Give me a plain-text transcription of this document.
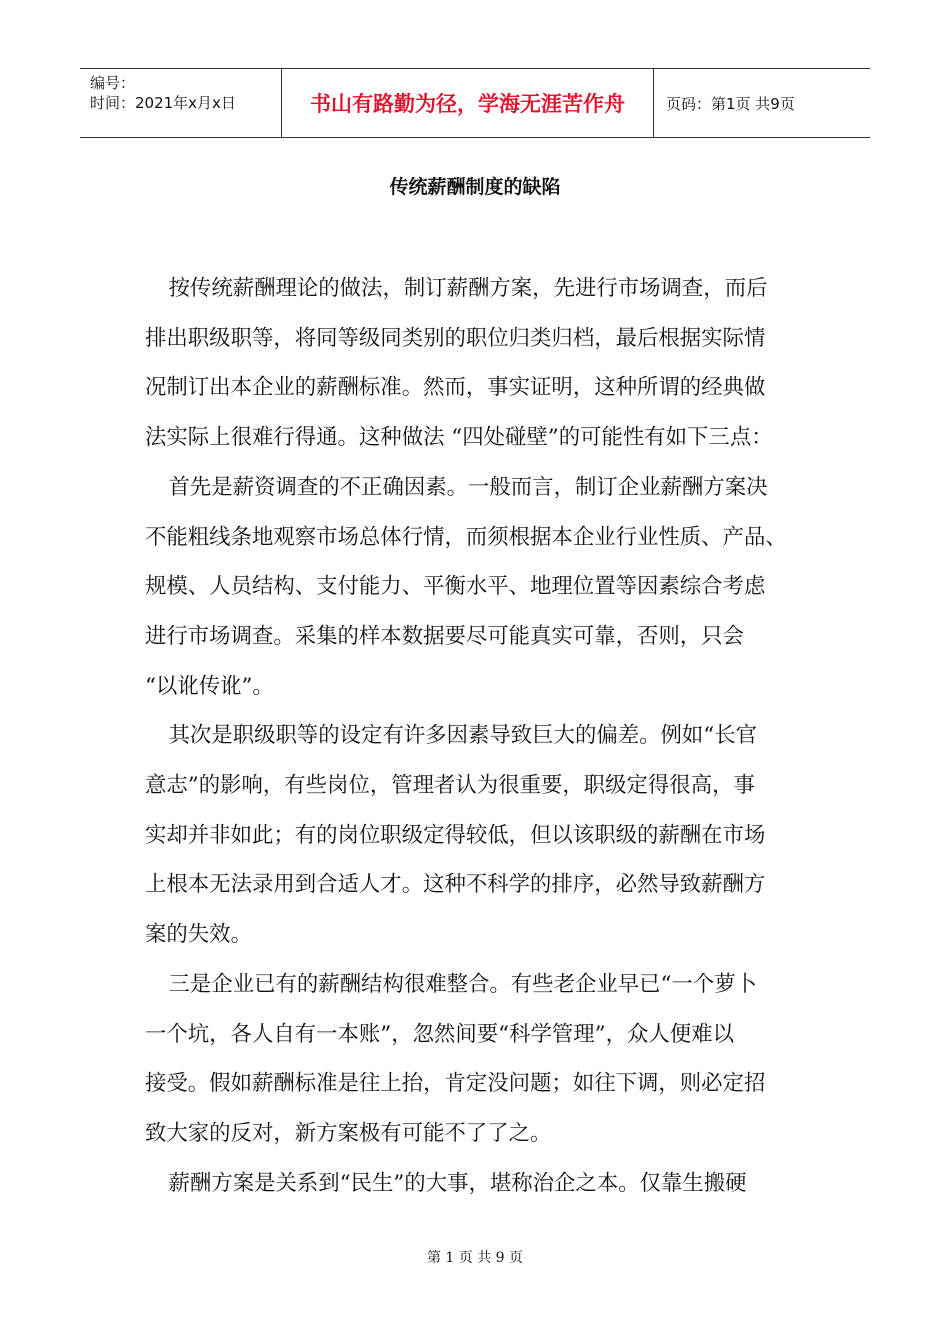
编号：
时间：2021年x月x日	书山有路勤为径，学海无涯苦作舟	页码：第1页 共9页
传统薪酬制度的缺陷

按传统薪酬理论的做法，制订薪酬方案，先进行市场调查，而后
排出职级职等，将同等级同类别的职位归类归档，最后根据实际情
况制订出本企业的薪酬标准。然而，事实证明，这种所谓的经典做
法实际上很难行得通。这种做法 “四处碰壁”的可能性有如下三点：

首先是薪资调查的不正确因素。一般而言，制订企业薪酬方案决
不能粗线条地观察市场总体行情，而须根据本企业行业性质、产品、
规模、人员结构、支付能力、平衡水平、地理位置等因素综合考虑
进行市场调查。采集的样本数据要尽可能真实可靠，否则，只会
“以讹传讹”。

其次是职级职等的设定有许多因素导致巨大的偏差。例如“长官
意志”的影响，有些岗位，管理者认为很重要，职级定得很高，事
实却并非如此；有的岗位职级定得较低，但以该职级的薪酬在市场
上根本无法录用到合适人才。这种不科学的排序，必然导致薪酬方
案的失效。

三是企业已有的薪酬结构很难整合。有些老企业早已“一个萝卜
一个坑，各人自有一本账”，忽然间要“科学管理”，众人便难以
接受。假如薪酬标准是往上抬，肯定没问题；如往下调，则必定招
致大家的反对，新方案极有可能不了了之。

薪酬方案是关系到“民生”的大事，堪称治企之本。仅靠生搬硬

第 1 页 共 9 页
